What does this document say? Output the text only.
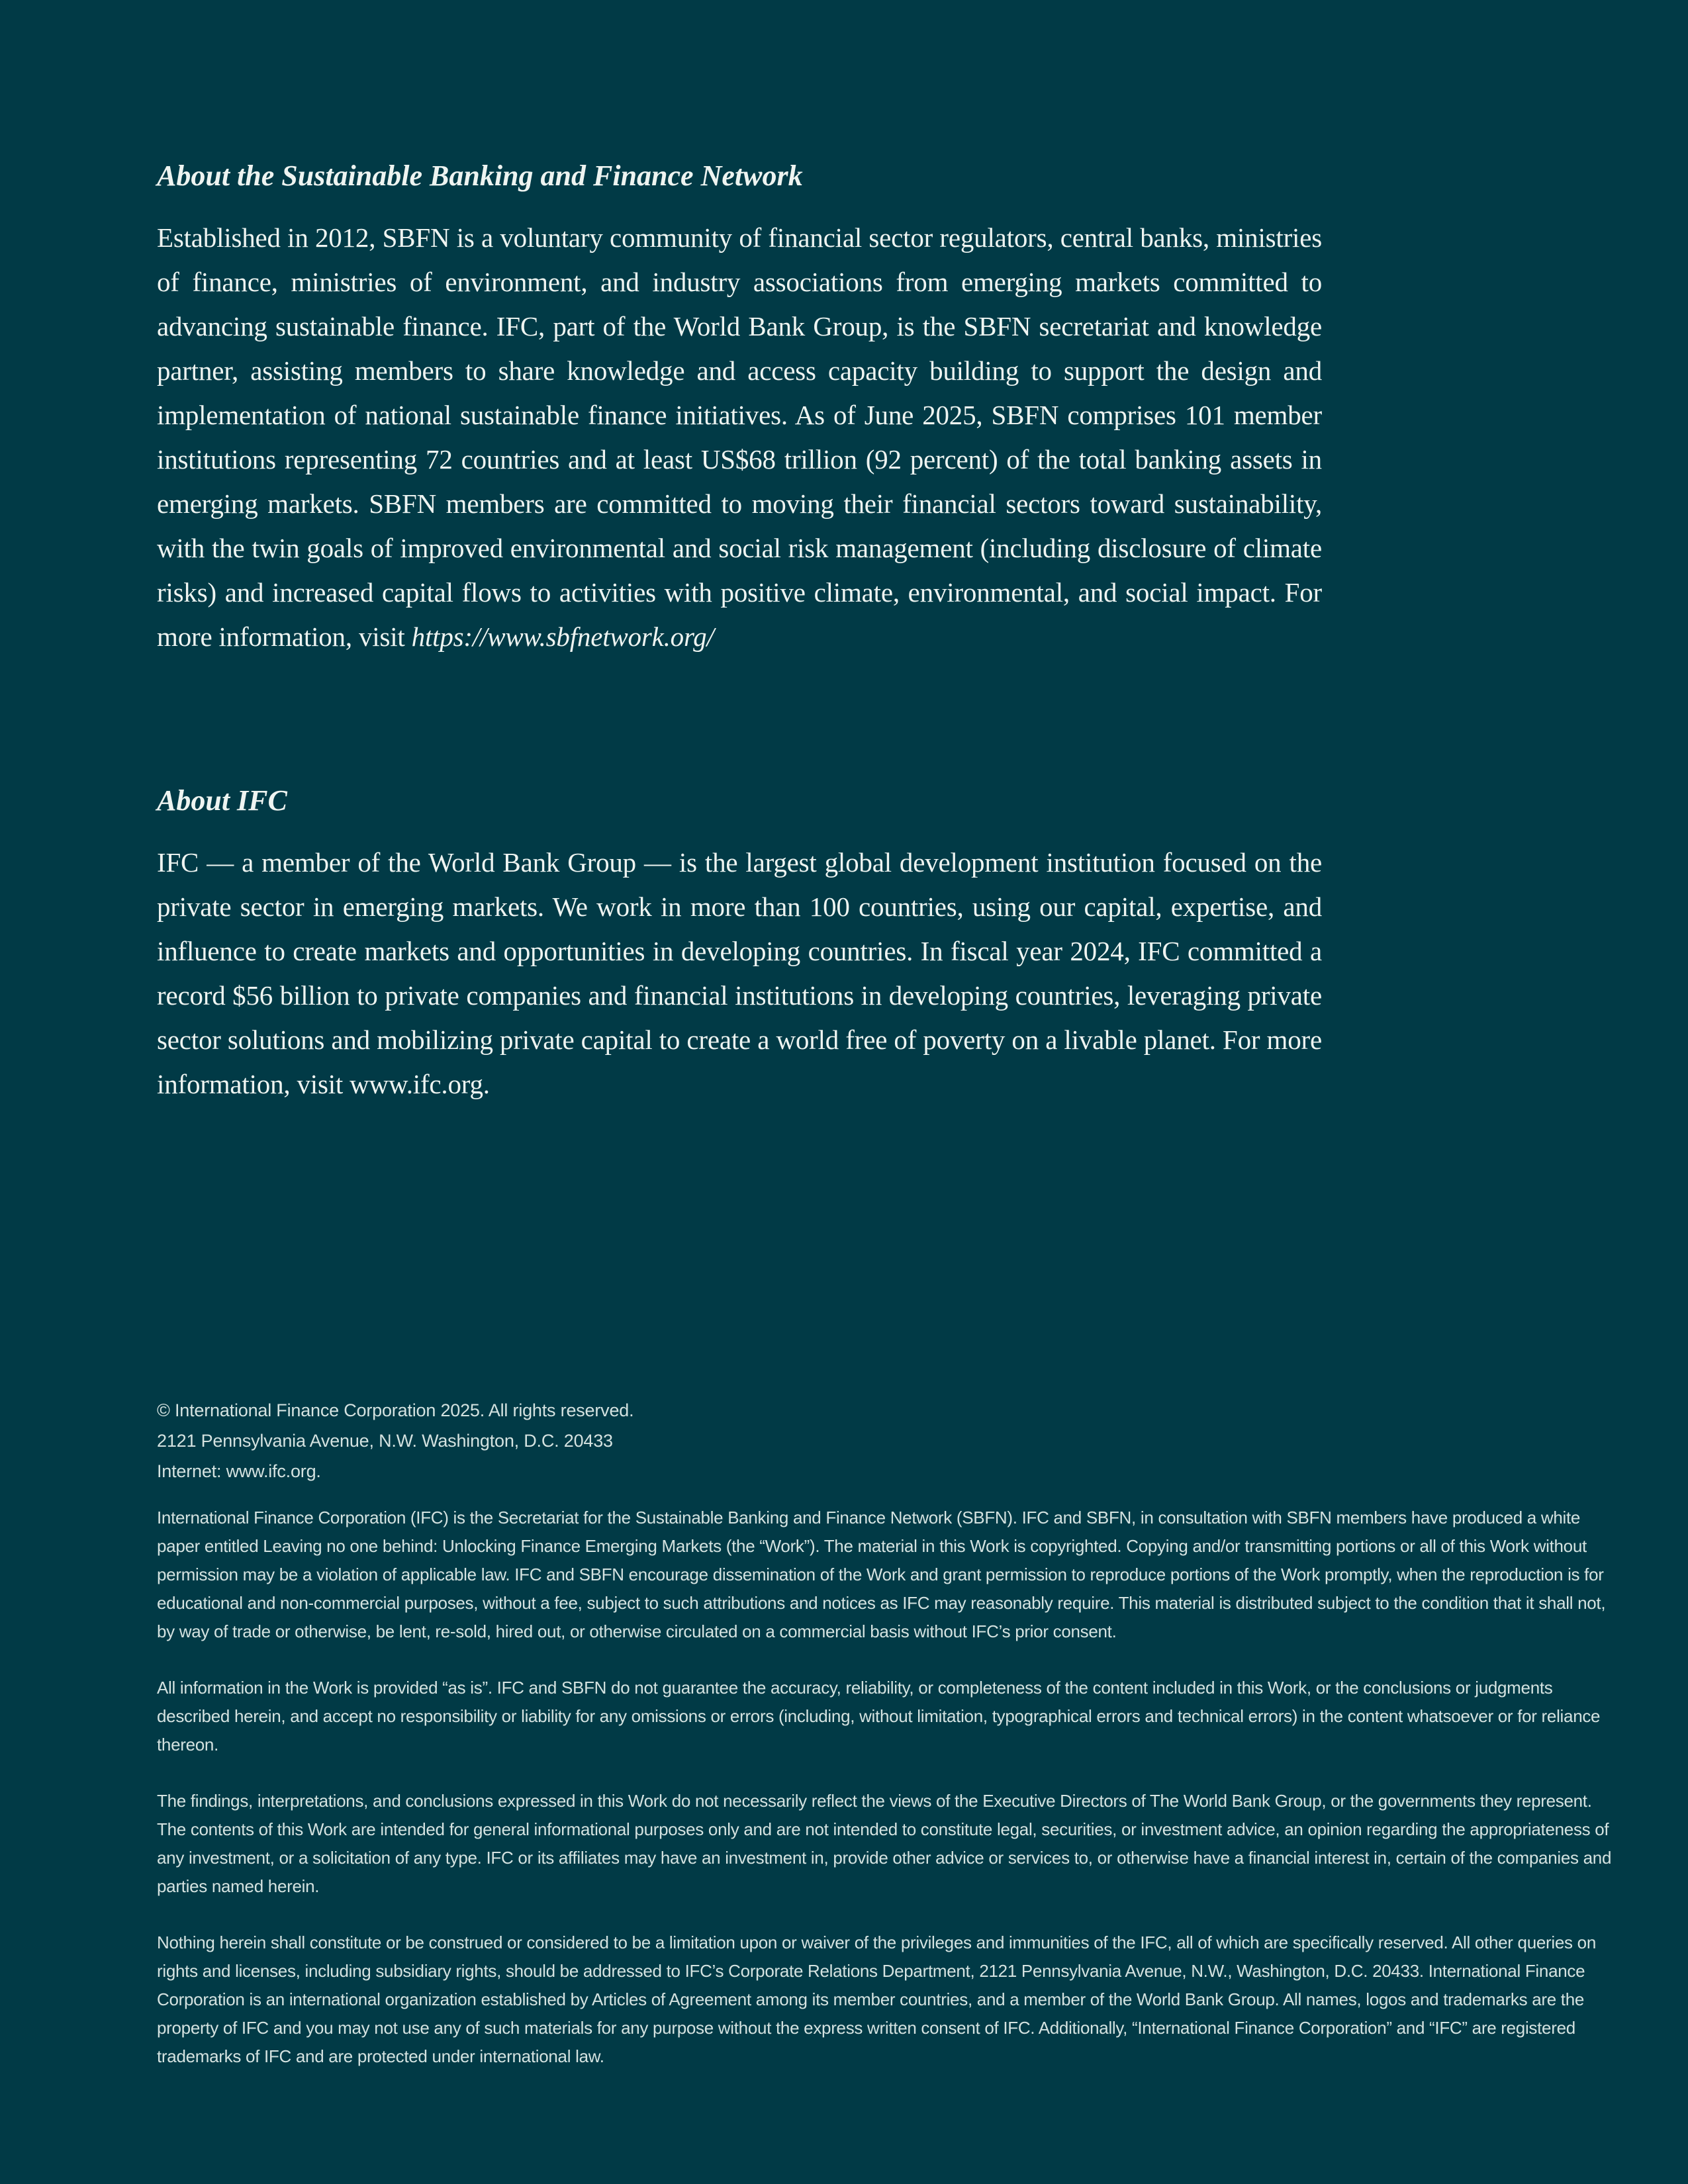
About the Sustainable Banking and Finance Network

Established in 2012, SBFN is a voluntary community of financial sector regulators, central banks, ministries of finance, ministries of environment, and industry associations from emerging markets committed to advancing sustainable finance. IFC, part of the World Bank Group, is the SBFN secretariat and knowledge partner, assisting members to share knowledge and access capacity building to support the design and implementation of national sustainable finance initiatives. As of June 2025, SBFN comprises 101 member institutions representing 72 countries and at least US$68 trillion (92 percent) of the total banking assets in emerging markets. SBFN members are committed to moving their financial sectors toward sustainability, with the twin goals of improved environmental and social risk management (including disclosure of climate risks) and increased capital flows to activities with positive climate, environmental, and social impact. For more information, visit https://www.sbfnetwork.org/

About IFC

IFC — a member of the World Bank Group — is the largest global development institution focused on the private sector in emerging markets. We work in more than 100 countries, using our capital, expertise, and influence to create markets and opportunities in developing countries. In fiscal year 2024, IFC committed a record $56 billion to private companies and financial institutions in developing countries, leveraging private sector solutions and mobilizing private capital to create a world free of poverty on a livable planet. For more information, visit www.ifc.org.

© International Finance Corporation 2025. All rights reserved.
2121 Pennsylvania Avenue, N.W. Washington, D.C. 20433
Internet: www.ifc.org.

International Finance Corporation (IFC) is the Secretariat for the Sustainable Banking and Finance Network (SBFN). IFC and SBFN, in consultation with SBFN members have produced a white paper entitled Leaving no one behind: Unlocking Finance Emerging Markets (the “Work”). The material in this Work is copyrighted. Copying and/or transmitting portions or all of this Work without permission may be a violation of applicable law. IFC and SBFN encourage dissemination of the Work and grant permission to reproduce portions of the Work promptly, when the reproduction is for educational and non-commercial purposes, without a fee, subject to such attributions and notices as IFC may reasonably require. This material is distributed subject to the condition that it shall not, by way of trade or otherwise, be lent, re-sold, hired out, or otherwise circulated on a commercial basis without IFC’s prior consent.

All information in the Work is provided “as is”. IFC and SBFN do not guarantee the accuracy, reliability, or completeness of the content included in this Work, or the conclusions or judgments described herein, and accept no responsibility or liability for any omissions or errors (including, without limitation, typographical errors and technical errors) in the content whatsoever or for reliance thereon.

The findings, interpretations, and conclusions expressed in this Work do not necessarily reflect the views of the Executive Directors of The World Bank Group, or the governments they represent. The contents of this Work are intended for general informational purposes only and are not intended to constitute legal, securities, or investment advice, an opinion regarding the appropriateness of any investment, or a solicitation of any type. IFC or its affiliates may have an investment in, provide other advice or services to, or otherwise have a financial interest in, certain of the companies and parties named herein.

Nothing herein shall constitute or be construed or considered to be a limitation upon or waiver of the privileges and immunities of the IFC, all of which are specifically reserved. All other queries on rights and licenses, including subsidiary rights, should be addressed to IFC’s Corporate Relations Department, 2121 Pennsylvania Avenue, N.W., Washington, D.C. 20433. International Finance Corporation is an international organization established by Articles of Agreement among its member countries, and a member of the World Bank Group. All names, logos and trademarks are the property of IFC and you may not use any of such materials for any purpose without the express written consent of IFC. Additionally, “International Finance Corporation” and “IFC” are registered trademarks of IFC and are protected under international law.
